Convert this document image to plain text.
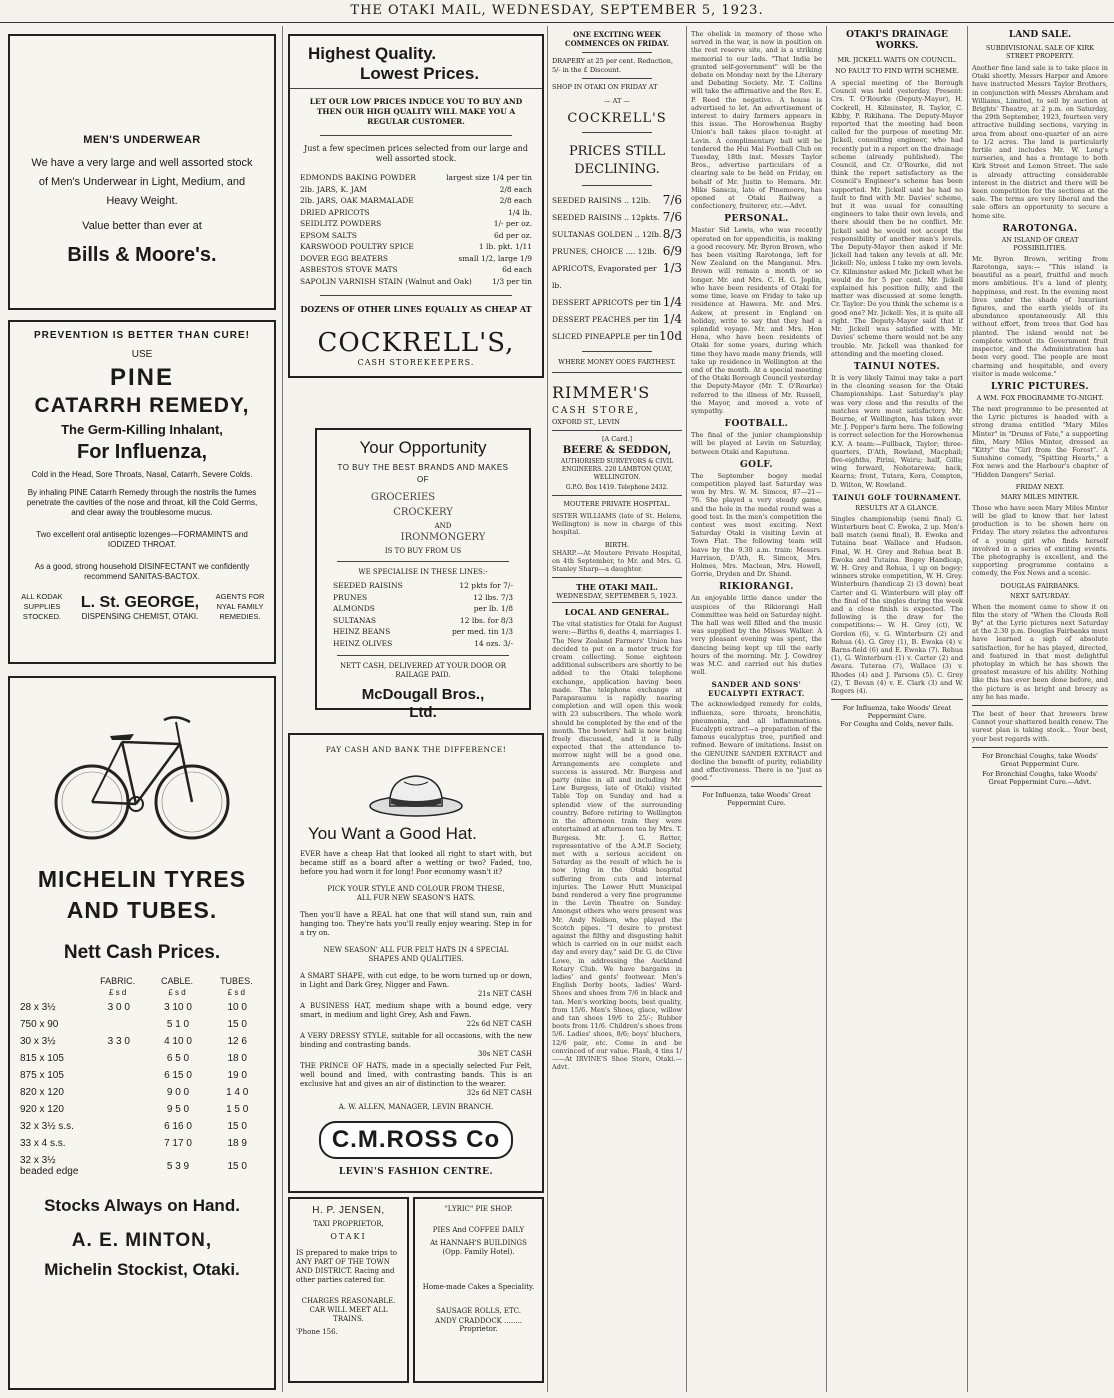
THE OTAKI MAIL, WEDNESDAY, SEPTEMBER 5, 1923.
MEN'S UNDERWEAR
We have a very large and well assorted stock of Men's Underwear in Light, Medium, and Heavy Weight.
Value better than ever at
Bills & Moore's.
PREVENTION IS BETTER THAN CURE!
USE
PINE
CATARRH REMEDY,
The Germ-Killing Inhalant,
For Influenza,
Cold in the Head, Sore Throats, Nasal, Catarrh, Severe Colds.
By inhaling PINE Catarrh Remedy through the nostrils the fumes penetrate the cavities of the nose and throat, kill the Cold Germs, and clear away the troublesome mucus.
Two excellent oral antiseptic lozenges—FORMAMINTS and IODIZED THROAT.
As a good, strong household DISINFECTANT we confidently recommend SANITAS-BACTOX.
ALL KODAK SUPPLIES STOCKED.
L. St. GEORGE,
DISPENSING CHEMIST, OTAKI.
AGENTS FOR NYAL FAMILY REMEDIES.
MICHELIN TYRES
AND TUBES.
Nett Cash Prices.
FABRIC.	CABLE.	TUBES.
£ s d	£ s d	£ s d
28 x 3½	3 0 0	3 10 0	10 0
750 x 90		5 1 0	15 0
30 x 3½	3 3 0	4 10 0	12 6
815 x 105		6 5 0	18 0
875 x 105		6 15 0	19 0
820 x 120		9 0 0	1 4 0
920 x 120		9 5 0	1 5 0
32 x 3½ s.s.		6 16 0	15 0
33 x 4 s.s.		7 17 0	18 9
32 x 3½ beaded edge		5 3 9	15 0
Stocks Always on Hand.
A. E. MINTON,
Michelin Stockist, Otaki.
Highest Quality.
Lowest Prices.
LET OUR LOW PRICES INDUCE YOU TO BUY AND THEN OUR HIGH QUALITY WILL MAKE YOU A REGULAR CUSTOMER.
Just a few specimen prices selected from our large and well assorted stock.
EDMONDS BAKING POWDER	largest size 1/4 per tin
2lb. JARS, K. JAM	2/8 each
2lb. JARS, OAK MARMALADE	2/8 each
DRIED APRICOTS	1/4 lb.
SEIDLITZ POWDERS	1/- per oz.
EPSOM SALTS	6d per oz.
KARSWOOD POULTRY SPICE	1 lb. pkt. 1/11
DOVER EGG BEATERS	small 1/2, large 1/9
ASBESTOS STOVE MATS	6d each
SAPOLIN VARNISH STAIN (Walnut and Oak)	1/3 per tin
DOZENS OF OTHER LINES EQUALLY AS CHEAP AT
COCKRELL'S,
CASH STOREKEEPERS.
Your Opportunity
TO BUY THE BEST BRANDS AND MAKES OF
GROCERIES
CROCKERY
AND
IRONMONGERY
IS TO BUY FROM US
WE SPECIALISE IN THESE LINES:-
SEEDED RAISINS	12 pkts for 7/-
PRUNES	12 lbs. 7/3
ALMONDS	per lb. 1/8
SULTANAS	12 lbs. for 8/3
HEINZ BEANS	per med. tin 1/3
HEINZ OLIVES	14 ozs. 3/-
NETT CASH, DELIVERED AT YOUR DOOR OR RAILAGE PAID.
McDougall Bros., Ltd.
PAY CASH AND BANK THE DIFFERENCE!
You Want a Good Hat.
EVER have a cheap Hat that looked all right to start with, but became stiff as a board after a wetting or two? Faded, too, before you had worn it for long! Poor economy wasn't it?
PICK YOUR STYLE AND COLOUR FROM THESE, ALL FUR NEW SEASON'S HATS.
Then you'll have a REAL hat one that will stand sun, rain and hanging too. They're hats you'll really enjoy wearing. Step in for a try on.
NEW SEASON' ALL FUR FELT HATS IN 4 SPECIAL SHAPES AND QUALITIES.
A SMART SHAPE, with cut edge, to be worn turned up or down, in Light and Dark Grey, Nigger and Fawn.
21s NET CASH
A BUSINESS HAT, medium shape with a bound edge, very smart, in medium and light Grey, Ash and Fawn.
22s 6d NET CASH
A VERY DRESSY STYLE, suitable for all occasions, with the new binding and contrasting bands.
30s NET CASH
THE PRINCE OF HATS, made in a specially selected Fur Felt, well bound and lined, with contrasting bands. This is an exclusive hat and gives an air of distinction to the wearer.
32s 6d NET CASH
A. W. ALLEN, MANAGER, LEVIN BRANCH.
C.M.ROSS Co
LEVIN'S FASHION CENTRE.
H. P. JENSEN,
TAXI PROPRIETOR,
OTAKI
IS prepared to make trips to ANY PART OF THE TOWN AND DISTRICT. Racing and other parties catered for.
CHARGES REASONABLE. CAR WILL MEET ALL TRAINS.
'Phone 156.
"LYRIC" PIE SHOP.
PIES And COFFEE DAILY
At HANNAH'S BUILDINGS (Opp. Family Hotel).
Home-made Cakes a Speciality.
SAUSAGE ROLLS, ETC.
ANDY CRADDOCK ........ Proprietor.
ONE EXCITING WEEK COMMENCES ON FRIDAY.
DRAPERY at 25 per cent. Reduction, 5/- in the £ Discount.
SHOP IN OTAKI ON FRIDAY AT
— AT —
COCKRELL'S
PRICES STILL DECLINING.
SEEDED RAISINS .. 12lb. 7/6
SEEDED RAISINS .. 12pkts. 7/6
SULTANAS GOLDEN .. 12lb. 8/3
PRUNES, CHOICE .... 12lb. 6/9
APRICOTS, Evaporated per lb.
1/3
DESSERT APRICOTS per tin 1/4
DESSERT PEACHES per tin 1/4
SLICED PINEAPPLE per tin 10d
WHERE MONEY GOES FARTHEST.
RIMMER'S
CASH STORE,
OXFORD ST., LEVIN
[A Card.]
BEERE & SEDDON,
AUTHORISED SURVEYORS & CIVIL ENGINEERS. 220 LAMBTON QUAY, WELLINGTON.
G.P.O. Box 1419. Telephone 2432.
MOUTERE PRIVATE HOSPITAL.
SISTER WILLIAMS (late of St. Helens, Wellington) is now in charge of this hospital.
BIRTH.
SHARP.—At Moutere Private Hospital, on 4th September, to Mr. and Mrs. G. Stanley Sharp—a daughter.
THE OTAKI MAIL.
WEDNESDAY, SEPTEMBER 5, 1923.
LOCAL AND GENERAL.
The vital statistics for Otaki for August were:—Births 6, deaths 4, marriages 1. The New Zealand Farmers' Union has decided to put on a motor truck for cream collecting. Some eighteen additional subscribers are shortly to be added to the Otaki telephone exchange, application having been made. The telephone exchange at Paraparaumu is rapidly nearing completion and will open this week with 23 subscribers. The whole work should be completed by the end of the month. The bowlers' hall is now being freely discussed, and it is fully expected that the attendance to-morrow night will be a good one. Arrangements are complete and success is assured. Mr. Burgess and party (nine in all and including Mr. Lew Burgess, late of Otaki) visited Table Top on Sunday and had a splendid view of the surrounding country. Before retiring to Wellington in the afternoon train they were entertained at afternoon tea by Mrs. T. Burgess. Mr. J. G. Retter, representative of the A.M.P. Society, met with a serious accident on Saturday as the result of which he is now lying in the Otaki hospital suffering from cuts and internal injuries. The Lower Hutt Municipal band rendered a very fine programme in the Levin Theatre on Sunday. Amongst others who were present was Mr. Andy Neilson, who played the Scotch pipes. "I desire to protest against the filthy and disgusting habit which is carried on in our midst each day and every day," said Dr. G. de Clive Lowe, in addressing the Auckland Rotary Club. We have bargains in ladies' and gents' footwear. Men's English Derby boots, ladies' Ward-Shoes and shoes from 7/6 in black and tan. Men's working boots, best quality, from 15/6. Men's Shoes, glace, willow and tan shoes 19/6 to 25/-; Rubber boots from 11/6. Children's shoes from 5/6. Ladies' shoes, 8/6; boys' bluchers, 12/6 pair, etc. Come in and be convinced of our value. Flash, 4 tins 1/——At IRVINE'S Shoe Store, Otaki.—Advt.
The obelisk in memory of those who served in the war, is now in position on the rest reserve site, and is a striking memorial to our lads. "That India be granted self-government" will be the debate on Monday next by the Literary and Debating Society. Mr. T. Collins will take the affirmative and the Rev. E. P. Reed the negative. A house is advertised to let. An advertisement of interest to dairy farmers appears in this issue. The Horowhenua Rugby Union's ball takes place to-night at Levin. A complimentary ball will be tendered the Hui Mai Football Club on Tuesday, 18th inst. Messrs Taylor Bros., advertise particulars of a clearing sale to be held on Friday, on behalf of Mr. Justin to Hemara. Mr. Mike Sanscis, late of Pinemoore, has opened at Otaki Railway a confectionery, fruiterer, etc.—Advt.
PERSONAL.
Master Sid Lewis, who was recently operated on for appendicitis, is making a good recovery. Mr. Byron Brown, who has been visiting Rarotonga, left for New Zealand on the Manganui. Mrs. Brown will remain a month or so longer. Mr. and Mrs. C. H. G. Joplin, who have been residents of Otaki for some time, leave on Friday to take up residence at Hawera. Mr. and Mrs. Askew, at present in England on holiday, write to say that they had a splendid voyage. Mr. and Mrs. Hon Hena, who have been residents of Otaki for some years, during which time they have made many friends, will take up residence in Wellington at the end of the month. At a special meeting of the Otaki Borough Council yesterday the Deputy-Mayor (Mr. T. O'Rourke) referred to the illness of Mr. Russell, the Mayor, and moved a vote of sympathy.
FOOTBALL.
The final of the junior championship will be played at Levin on Saturday, between Otaki and Kaputuna.
GOLF.
The September bogey medal competition played last Saturday was won by Mrs. W. M. Simcox, 87—21—76. She played a very steady game, and the hole in the medal round was a good test. In the men's competition the contest was most exciting. Next Saturday Otaki is visiting Levin at Town Flat. The following team will leave by the 9.30 a.m. train: Messrs. Harrison, D'Ath, R. Simcox, Mrs. Holmes, Mrs. Maclean, Mrs. Howell, Gorrie, Dryden and Dr. Shand.
RIKIORANGI.
An enjoyable little dance under the auspices of the Rikiorangi Hall Committee was held on Saturday night. The hall was well filled and the music was supplied by the Misses Walker. A very pleasant evening was spent, the dancing being kept up till the early hours of the morning. Mr. J. Cowdrey was M.C. and carried out his duties well.
SANDER AND SONS' EUCALYPTI EXTRACT.
The acknowledged remedy for colds, influenza, sore throats, bronchitis, pneumonia, and all inflammations. Eucalypti extract—a preparation of the famous eucalyptus tree, purified and refined. Beware of imitations. Insist on the GENUINE SANDER EXTRACT and decline the benefit of purity, reliability and effectiveness. There is no "just as good."
For Influenza, take Woods' Great Peppermint Cure.
OTAKI'S DRAINAGE WORKS.
MR. JICKELL WAITS ON COUNCIL.
NO FAULT TO FIND WITH SCHEME.
A special meeting of the Borough Council was held yesterday. Present: Crs. T. O'Rourke (Deputy-Mayor), H. Cockrell, H. Kilminster, R. Taylor, C. Kibby, P. Rikihana. The Deputy-Mayor reported that the meeting had been called for the purpose of meeting Mr. Jickell, consulting engineer, who had recently put in a report on the drainage scheme (already published). The Council, and Cr. O'Rourke, did not think the report satisfactory as the Council's Engineer's scheme has been supported. Mr. Jickell said he had no fault to find with Mr. Davies' scheme, but it was usual for consulting engineers to take their own levels, and there should then be no conflict. Mr. Jickell said he would not accept the responsibility of another man's levels. The Deputy-Mayor then asked if Mr. Jickell had taken any levels at all. Mr. Jickell: No, unless I take my own levels. Cr. Kilminster asked Mr. Jickell what he would do for 5 per cent. Mr. Jickell explained his position fully, and the matter was discussed at some length. Cr. Taylor: Do you think the scheme is a good one? Mr. Jickell: Yes, it is quite all right. The Deputy-Mayor said that if Mr. Jickell was satisfied with Mr. Davies' scheme there would not be any trouble. Mr. Jickell was thanked for attending and the meeting closed.
TAINUI NOTES.
It is very likely Tainui may take a part in the cleaning season for the Otaki Championships. Last Saturday's play was very close and the results of the matches were most satisfactory. Mr. Bourne, of Wellington, has taken over Mr. J. Pepper's farm here. The following is correct selection for the Horowhenua K.V. A team:—Fullback, Taylor; three-quarters, D'Ath, Rowland, Macphail; five-eighths, Pirini, Wairu; half, Gills; wing forward, Nohotarewa; back, Kearns; front, Tutara, Kora, Compton, D. Wilton, W. Rowland.
TAINUI GOLF TOURNAMENT.
RESULTS AT A GLANCE.
Singles championship (semi final) G. Winterburn beat C. Ewoka, 2 up. Men's ball match (semi final), B. Ewoka and Tutaina beat Wallace and Hudson. Final, W. H. Grey and Rehua beat B. Ewoka and Tutaina. Bogey Handicap, W. H. Grey and Rehua, 1 up on bogey; winners stroke competition, W. H. Grey. Winterburn (handicap 2) (3 down) beat Carter and G. Winterburn will play off the final of the singles during the week and a close finish is expected. The following is the draw for the competitions:— W. H. Grey (ct), W. Gordon (6), v. G. Winterburn (2) and Rehua (4). G. Grey (1), B. Ewoka (4) v. Barns-field (6) and E. Ewoka (7). Rehua (1), G. Winterburn (1) v. Carter (2) and Awara. Tuteraa (7), Wallace (3) v. Rhodes (4) and J. Parsons (5). C. Grey (2), T. Bevan (4) v. E. Clark (3) and W. Rogers (4).
For Influenza, take Woods' Great Peppermint Cure.
For Coughs and Colds, never fails.
LAND SALE.
SUBDIVISIONAL SALE OF KIRK STREET PROPERTY.
Another fine land sale is to take place in Otaki shortly. Messrs Harper and Amore have instructed Messrs Taylor Brothers, in conjunction with Messrs Abraham and Williams, Limited, to sell by auction at Brights' Theatre, at 2 p.m. on Saturday, the 29th September, 1923, fourteen very attractive building sections, varying in area from about one-quarter of an acre to 1/2 acres. The land is particularly fertile and includes Mr. W. Long's nurseries, and has a frontage to both Kirk Street and Lemon Street. The sale is already attracting considerable interest in the district and there will be keen competition for the sections at the sale. The terms are very liberal and the sale offers an opportunity to secure a home site.
RAROTONGA.
AN ISLAND OF GREAT POSSIBILITIES.
Mr. Byron Brown, writing from Rarotonga, says:— "This island is beautiful as a pearl, fruitful and much more ambitious. It's a land of plenty, happiness, and rest. In the evening most lives under the shade of luxuriant figures, and the earth yields of its abundance spontaneously. All this without effort, from trees that God has planted. The island would not be complete without its Government fruit inspector, and the Administration has been very good. The people are most charming and hospitable, and every visitor is made welcome."
LYRIC PICTURES.
A WM. FOX PROGRAMME TO-NIGHT.
The next programme to be presented at the Lyric pictures is headed with a strong drama entitled "Mary Miles Minter" in "Drums of Fate," a supporting film, Mary Miles Minter, dressed as "Kitty" the "Girl from the Forest". A Sunshine comedy, "Spitting Hearts," a Fox news and the Harbour's chapter of "Hidden Dangers" Serial.
FRIDAY NEXT.
MARY MILES MINTER.
Those who have seen Mary Miles Minter will be glad to know that her latest production is to be shown here on Friday. The story relates the adventures of a young girl who finds herself involved in a series of exciting events. The photography is excellent, and the supporting programme contains a comedy, the Fox News and a scenic.
DOUGLAS FAIRBANKS.
NEXT SATURDAY.
When the moment came to show it on film the story of "When the Clouds Roll By" at the Lyric pictures next Saturday at the 2.30 p.m. Douglas Fairbanks must have learned a sigh of absolute satisfaction, for he has played, directed, and featured in that most delightful photoplay in which he has shown the greatest measure of his ability. Nothing like this has ever been done before, and the picture is as bright and breezy as any he has made.
The best of beer that brewers brew Cannot your shattered health renew. The surest plan is taking stock... Your best, your best regards with.
For Bronchial Coughs, take Woods' Great Peppermint Cure.
For Bronchial Coughs, take Woods' Great Peppermint Cure.—Advt.
